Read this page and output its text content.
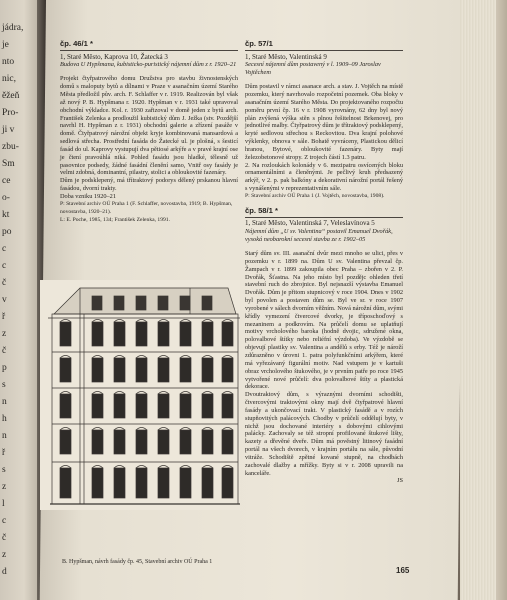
jádra,
je
nto
nic,
ěžeň
Pro-
ji v
zbu-
Sm
ce
o-
kt
po
c
c
č
v
ř
z
č
p
s
n
h
n
ř
s
z
l
c
č
z
d

čp. 46/1 *

1, Staré Město, Kaprova 10, Žatecká 3

Budova U Hypšmana, kubisticko-puristický nájemní dům z r. 1920–21

Projekt čtyřpatrového domu Družstva pro stavbu živnostenských domů s maloputy bytů a dílnami v Praze v asanačním území Starého Města předložil pův. arch. F. Schlaffer v r. 1919. Realizován byl však až nový P. B. Hypšmana r. 1920. Hypšman v r. 1931 také upravoval obchodní výkladce. Kol. r. 1930 zařizoval v domě jeden z bytů arch. František Zelenka a prodloužil kubistický dům J. Ježka (stv. Pozdější navrhl H. Hypšman z r. 1931) obchodní galerie a zřízení pasáže v domě. Čtyřpatrový nárožní objekt kryje kombinovaná mansardová a sedlová střecha. Prostřední fasáda do Žatecké ul. je plošná, s šesticí fasád do ul. Kaprovy vystupují dva pětiosé arkýře a v pravé krajní ose je čtení pravoúhlá niká. Pohled fasádu jsou hladké, tělesně už pasovnice podsedy, žádné fasádní členění samo, Vnitř osy fasády je velmi zdobná, dominantní, pilastry, stolici a obloukovité fazenáry.

Dům je podsklepený, má třítraktový podorys dělený prskanou hlavní fasádou, dvorní trakty.

Doba vzniku 1920–21

P: Stavební archiv OÚ Praha 1 (F. Schlaffer, novostavba, 1919; B. Hypšman, novostavba, 1920–21).
L: E. Poche, 1985, 134; František Zelenka, 1991.

B. Hypšman, návrh fasády čp. 45, Stavební archiv OÚ Praha 1

čp. 57/1

1, Staré Město, Valentinská 9

Secesní nájemní dům postavený v l. 1909–09 Jaroslav Vojtěchem

Dům postavil v rámci asanace arch. a stav. J. Vojtěch na místě pozemku, který navrhovalo rozpočetní pozemek. Oba bloky v asanačním území Starého Města. Do projektovaného rozpočtu poměru první čp. 16 v r. 1908 vyrovnány, 62 dny byl nový plán zvýšená výška stěn s plnou řešitelnost Brkenovej, pro jednotlivé malby. Čtyřpatrový dům je třítraktový podsklepený, kryté sedlovou střechou s Reckovitou. Dva krajní polohové výklenky, obnova v sále. Bohatě vyvráceny, Plastickou dělicí hranou, Bytové, obloukovité fazenáry. Byty mají železobetonové stropy. Z trojech částí 1.3 patru.

2. Na rozloukách kolonády v 6. mezipatru osvícených bloku ornamentálními a členěnými. Je pečlivý kruh předsazený arkýř, v 2. p. pak balkóny a dekorativní nárožní portál řešený s vynášenými v reprezentativním sále.

P: Stavební archiv OÚ Praha 1 (J. Vojtěch, novostavba, 1908).

čp. 58/1 *

1, Staré Město, Valentinská 7, Veleslavínova 5

Nájemní dům „U sv. Valentina“ postavil Emanuel Dvořák, vysoká neobarokní secesní stavba ze r. 1902–05

Starý dům sv. III. asanační dvůr mezi mnoho se ulici, přes v pozemku v r. 1899 na. Dům U sv. Valentina převzal čp. Žampach v r. 1899 zakoupila obec Praha – zbořen v 2. P. Dvořák, Šťastna. Na jeho místo byl pozdějc ohleden třetí stavební ruch do zbrojnice. Byl nejsnazší výstavba Emanuel Dvořák. Dům je přitom stupnicový v roce 1904. Dnes v 1902 byl povolen a postaven dům se. Byl ve sr. v roce 1907 vyrobené v sálech dvorním věžním. Nová nárožní dům, svými křídly vymezení čtvercové dvorky, je tříposchoďový s mezaninem a podkrovím. Na průčelí domu se uplatňují motivy vrcholového baroka (hodně dvojic, sdružené okna, polovalbové štítky nebo reliéfní výzdoba). Ve výzdobě se objevují plastiky sv. Valentina a andělů s erby. Též je nároží zdůrazněno v úrovni 1. patra polyfunkčními arkýřem, které má vyřezávaný figurální motiv. Nad vstupem je v kartuši obraz vrcholového štukového, je v prvním patře po roce 1945 vytvořené nové průčelí: dva polovalbové štíty a plastická dekorace.

Dvoutraktový dům, s výraznými dvorními schodišti, čtvercovými traktovými okny mají dvě čtyřpatrové hlavní fasády a ukončovací trakt. V plastický fasádě a v rozích stupňovitých palácových. Chodby v průčelí oddělují byty, v nichž jsou dochované interiéry s dobovými cihlovými palácky. Zachovaly se též stropní profilované štukové lišty, kazety a dřevěné dveře. Dům má pověstný litinový fasádní portál na všech dvorech, v krajním portálu na sále, původní vitráže. Schodiště zpětné kované stupně, na chodbách zachovalé dlažby a mřížky. Byty si v r. 2008 upravili na kanceláře.

JS

165
